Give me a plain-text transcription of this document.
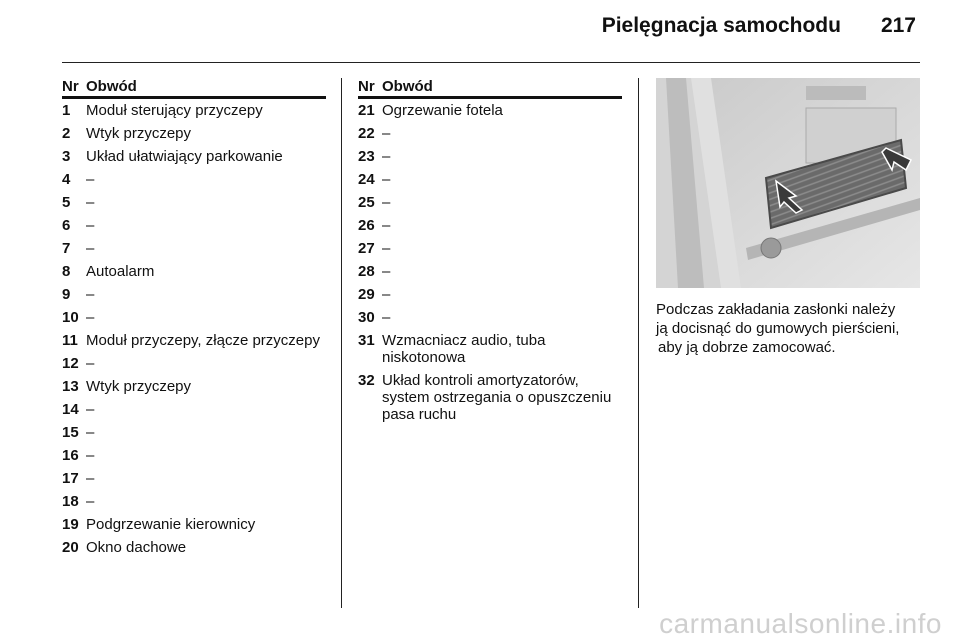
Pielęgnacja samochodu 217
Nr Obwód
1	Moduł sterujący przyczepy
2	Wtyk przyczepy
3	Układ ułatwiający parkowanie
4	–
5	–
6	–
7	–
8	Autoalarm
9	–
10 –
11 Moduł przyczepy, złącze przyczepy
12 –
13 Wtyk przyczepy
14 –
15 –
16 –
17 –
18 –
19 Podgrzewanie kierownicy
20 Okno dachowe
Nr Obwód
21 Ogrzewanie fotela
22 –
23 –
24 –
25 –
26 –
27 –
28 –
29 –
30 –
31 Wzmacniacz audio, tuba niskotonowa
32 Układ kontroli amortyzatorów, system ostrzegania o opuszczeniu pasa ruchu
Podczas zakładania zasłonki należy
ją docisnąć do gumowych pierścieni,
aby ją dobrze zamocować.
carmanualsonline.info
